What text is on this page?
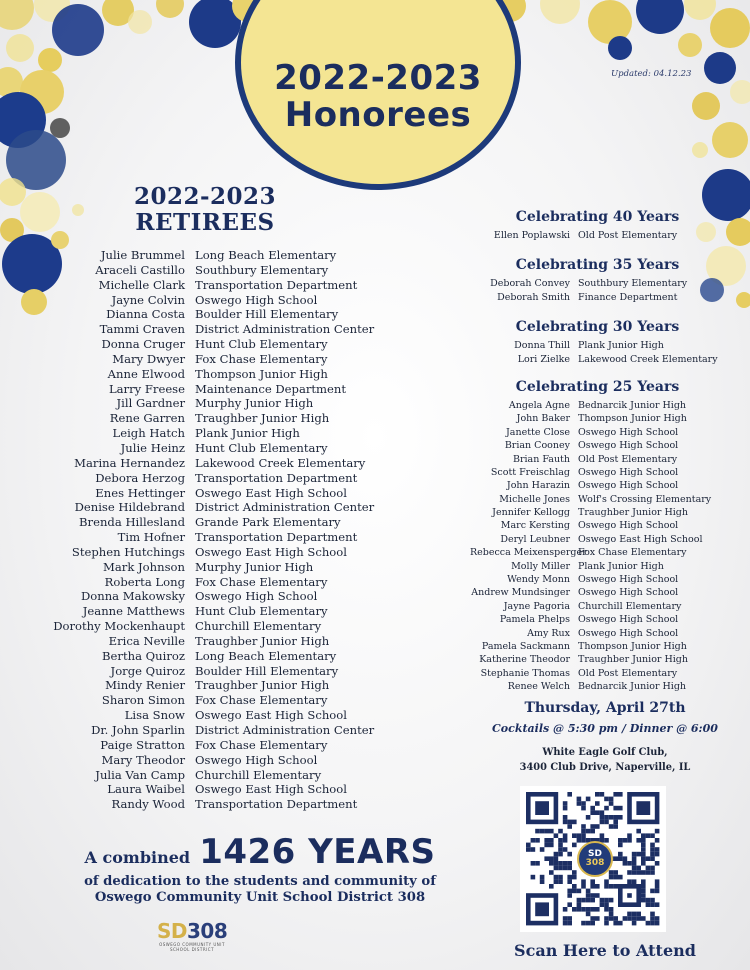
2022-2023
Honorees
Updated: 04.12.23
2022-2023
RETIREES
Julie Brummel Long Beach Elementary
Araceli Castillo Southbury Elementary
Michelle Clark Transportation Department
Jayne Colvin Oswego High School
Dianna Costa Boulder Hill Elementary
Tammi Craven District Administration Center
Donna Cruger Hunt Club Elementary
Mary Dwyer Fox Chase Elementary
Anne Elwood Thompson Junior High
Larry Freese Maintenance Department
Jill Gardner Murphy Junior High
Rene Garren Traughber Junior High
Leigh Hatch Plank Junior High
Julie Heinz Hunt Club Elementary
Marina Hernandez Lakewood Creek Elementary
Debora Herzog Transportation Department
Enes Hettinger Oswego East High School
Denise Hildebrand District Administration Center
Brenda Hillesland Grande Park Elementary
Tim Hofner Transportation Department
Stephen Hutchings Oswego East High School
Mark Johnson Murphy Junior High
Roberta Long Fox Chase Elementary
Donna Makowsky Oswego High School
Jeanne Matthews Hunt Club Elementary
Dorothy Mockenhaupt Churchill Elementary
Erica Neville Traughber Junior High
Bertha Quiroz Long Beach Elementary
Jorge Quiroz Boulder Hill Elementary
Mindy Renier Traughber Junior High
Sharon Simon Fox Chase Elementary
Lisa Snow Oswego East High School
Dr. John Sparlin District Administration Center
Paige Stratton Fox Chase Elementary
Mary Theodor Oswego High School
Julia Van Camp Churchill Elementary
Laura Waibel Oswego East High School
Randy Wood Transportation Department
A combined 1426 YEARS
of dedication to the students and community of
Oswego Community Unit School District 308
SD308
OSWEGO COMMUNITY UNIT SCHOOL DISTRICT
Celebrating 40 Years
Ellen Poplawski Old Post Elementary
Celebrating 35 Years
Deborah Convey Southbury Elementary
Deborah Smith Finance Department
Celebrating 30 Years
Donna Thill Plank Junior High
Lori Zielke Lakewood Creek Elementary
Celebrating 25 Years
Angela Agne Bednarcik Junior High
John Baker Thompson Junior High
Janette Close Oswego High School
Brian Cooney Oswego High School
Brian Fauth Old Post Elementary
Scott Freischlag Oswego High School
John Harazin Oswego High School
Michelle Jones Wolf's Crossing Elementary
Jennifer Kellogg Traughber Junior High
Marc Kersting Oswego High School
Deryl Leubner Oswego East High School
Rebecca Meixensperger
Fox Chase Elementary
Molly Miller Plank Junior High
Wendy Monn Oswego High School
Andrew Mundsinger Oswego High School
Jayne Pagoria Churchill Elementary
Pamela Phelps Oswego High School
Amy Rux Oswego High School
Pamela Sackmann Thompson Junior High
Katherine Theodor Traughber Junior High
Stephanie Thomas Old Post Elementary
Renee Welch Bednarcik Junior High
Thursday, April 27th
Cocktails @ 5:30 pm / Dinner @ 6:00
White Eagle Golf Club,
3400 Club Drive, Naperville, IL
SD
308
Scan Here to Attend
